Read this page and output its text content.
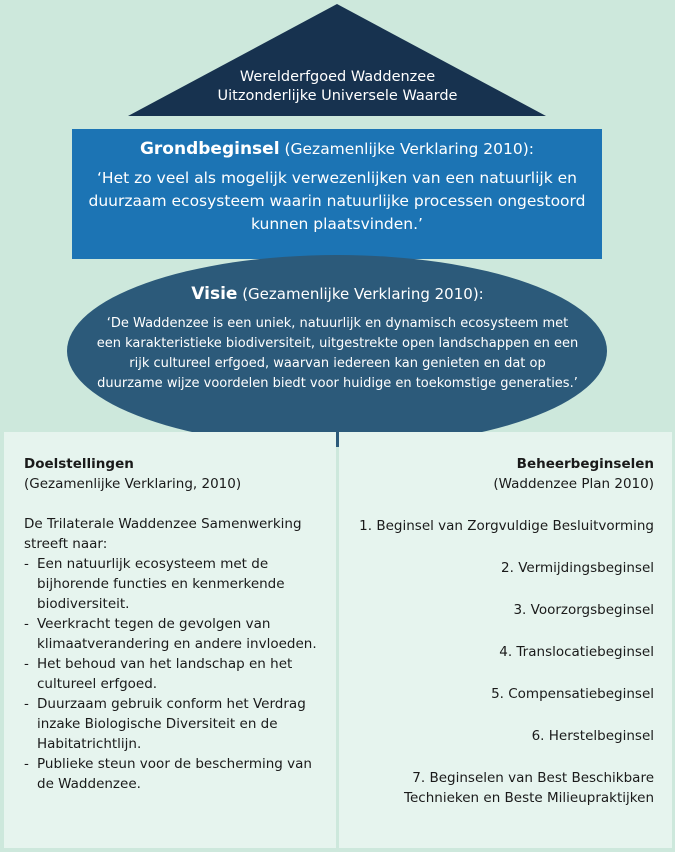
Werelderfgoed Waddenzee
Uitzonderlijke Universele Waarde
Grondbeginsel (Gezamenlijke Verklaring 2010):
‘Het zo veel als mogelijk verwezenlijken van een natuurlijk en duurzaam ecosysteem waarin natuurlijke processen ongestoord kunnen plaatsvinden.’
Visie (Gezamenlijke Verklaring 2010):
‘De Waddenzee is een uniek, natuurlijk en dynamisch ecosysteem met een karakteristieke biodiversiteit, uitgestrekte open landschappen en een rijk cultureel erfgoed, waarvan iedereen kan genieten en dat op duurzame wijze voordelen biedt voor huidige en toekomstige generaties.’
Doelstellingen
(Gezamenlijke Verklaring, 2010)
De Trilaterale Waddenzee Samenwerking streeft naar:
- Een natuurlijk ecosysteem met de bijhorende functies en kenmerkende biodiversiteit.
- Veerkracht tegen de gevolgen van klimaatverandering en andere invloeden.
- Het behoud van het landschap en het cultureel erfgoed.
- Duurzaam gebruik conform het Verdrag inzake Biologische Diversiteit en de Habitatrichtlijn.
- Publieke steun voor de bescherming van de Waddenzee.
Beheerbeginselen
(Waddenzee Plan 2010)
1. Beginsel van Zorgvuldige Besluitvorming
2. Vermijdingsbeginsel
3. Voorzorgsbeginsel
4. Translocatiebeginsel
5. Compensatiebeginsel
6. Herstelbeginsel
7. Beginselen van Best Beschikbare Technieken en Beste Milieupraktijken
